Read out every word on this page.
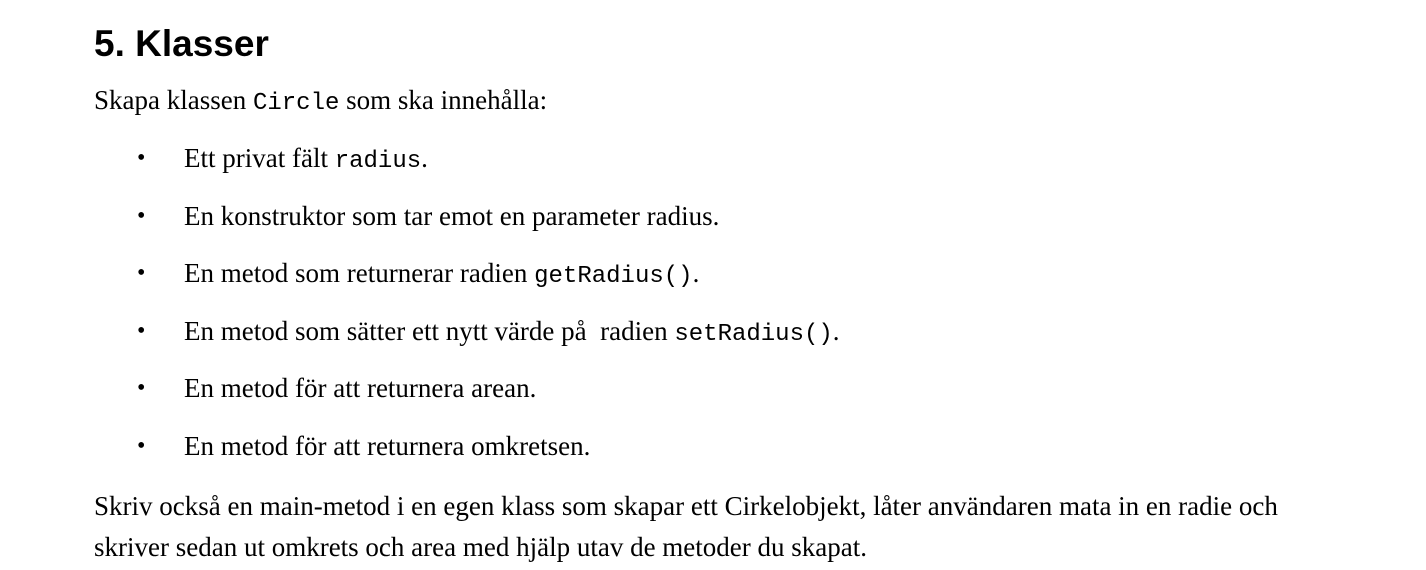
5. Klasser

Skapa klassen Circle som ska innehålla:

• Ett privat fält radius.
• En konstruktor som tar emot en parameter radius.
• En metod som returnerar radien getRadius().
• En metod som sätter ett nytt värde på  radien setRadius().
• En metod för att returnera arean.
• En metod för att returnera omkretsen.

Skriv också en main-metod i en egen klass som skapar ett Cirkelobjekt, låter användaren mata in en radie och skriver sedan ut omkrets och area med hjälp utav de metoder du skapat.
